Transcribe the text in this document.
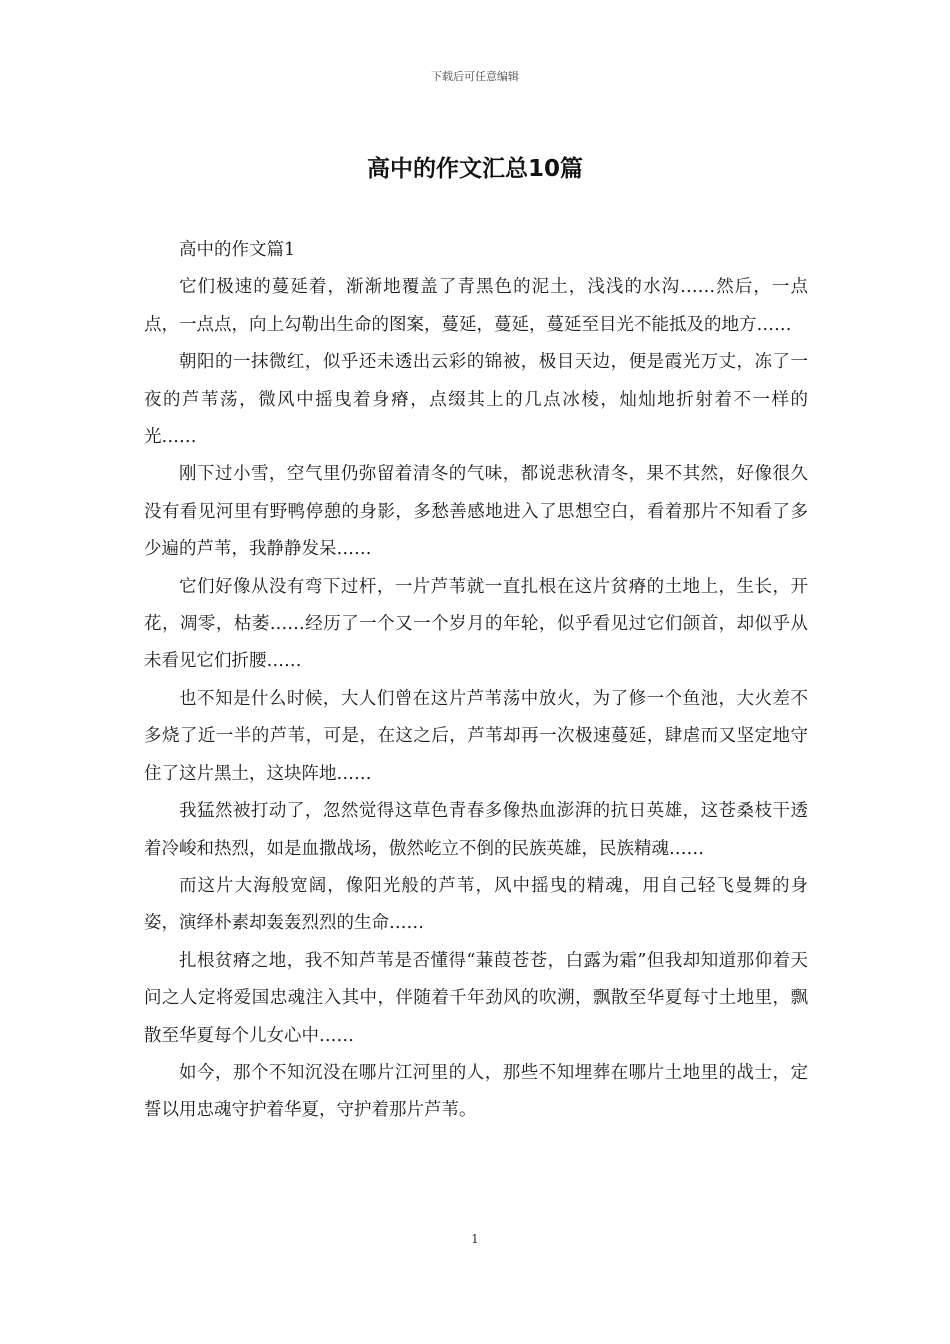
下载后可任意编辑
高中的作文汇总10篇

高中的作文篇1

它们极速的蔓延着，渐渐地覆盖了青黑色的泥土，浅浅的水沟……然后，一点点，一点点，向上勾勒出生命的图案，蔓延，蔓延，蔓延至目光不能抵及的地方……

朝阳的一抹微红，似乎还未透出云彩的锦被，极目天边，便是霞光万丈，冻了一夜的芦苇荡，微风中摇曳着身瘠，点缀其上的几点冰棱，灿灿地折射着不一样的光……

刚下过小雪，空气里仍弥留着清冬的气味，都说悲秋清冬，果不其然，好像很久没有看见河里有野鸭停憩的身影，多愁善感地进入了思想空白，看着那片不知看了多少遍的芦苇，我静静发呆……

它们好像从没有弯下过杆，一片芦苇就一直扎根在这片贫瘠的土地上，生长，开花，凋零，枯萎……经历了一个又一个岁月的年轮，似乎看见过它们颌首，却似乎从未看见它们折腰……

也不知是什么时候，大人们曾在这片芦苇荡中放火，为了修一个鱼池，大火差不多烧了近一半的芦苇，可是，在这之后，芦苇却再一次极速蔓延，肆虐而又坚定地守住了这片黑土，这块阵地……

我猛然被打动了，忽然觉得这草色青春多像热血澎湃的抗日英雄，这苍桑枝干透着冷峻和热烈，如是血撒战场，傲然屹立不倒的民族英雄，民族精魂……

而这片大海般宽阔，像阳光般的芦苇，风中摇曳的精魂，用自己轻飞曼舞的身姿，演绎朴素却轰轰烈烈的生命……

扎根贫瘠之地，我不知芦苇是否懂得“蒹葭苍苍，白露为霜”但我却知道那仰着天问之人定将爱国忠魂注入其中，伴随着千年劲风的吹溯，飘散至华夏每寸土地里，飘散至华夏每个儿女心中……

如今，那个不知沉没在哪片江河里的人，那些不知埋葬在哪片土地里的战士，定誓以用忠魂守护着华夏，守护着那片芦苇。

1
